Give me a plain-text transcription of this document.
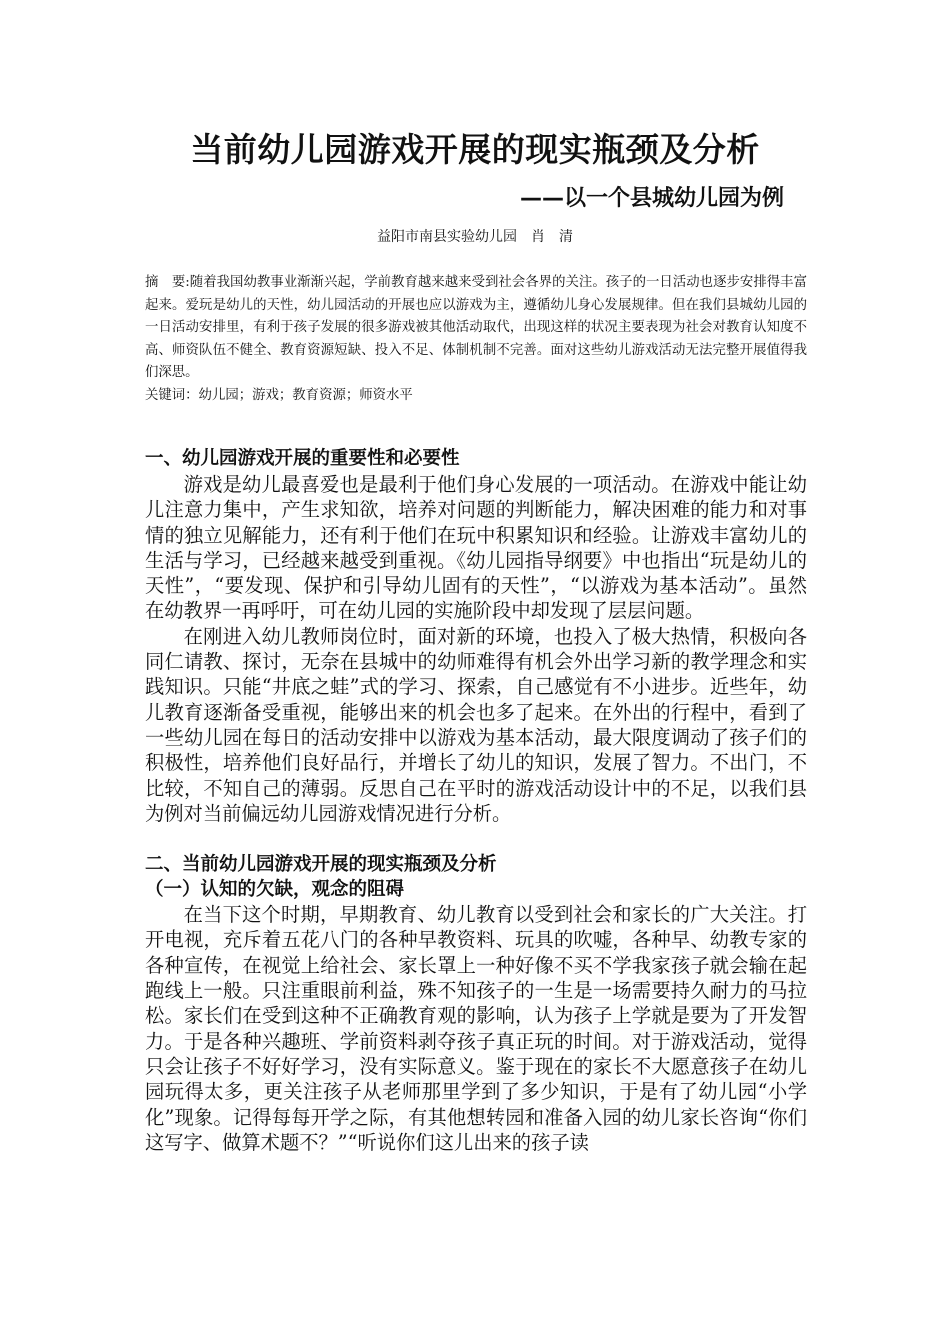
当前幼儿园游戏开展的现实瓶颈及分析
——以一个县城幼儿园为例
益阳市南县实验幼儿园　肖　清

摘　要:随着我国幼教事业渐渐兴起，学前教育越来越来受到社会各界的关注。孩子的一日活动也逐步安排得丰富起来。爱玩是幼儿的天性，幼儿园活动的开展也应以游戏为主，遵循幼儿身心发展规律。但在我们县城幼儿园的一日活动安排里，有利于孩子发展的很多游戏被其他活动取代，出现这样的状况主要表现为社会对教育认知度不高、师资队伍不健全、教育资源短缺、投入不足、体制机制不完善。面对这些幼儿游戏活动无法完整开展值得我们深思。

关键词：幼儿园；游戏；教育资源；师资水平

一、幼儿园游戏开展的重要性和必要性

游戏是幼儿最喜爱也是最利于他们身心发展的一项活动。在游戏中能让幼儿注意力集中，产生求知欲，培养对问题的判断能力，解决困难的能力和对事情的独立见解能力，还有利于他们在玩中积累知识和经验。让游戏丰富幼儿的生活与学习，已经越来越受到重视。《幼儿园指导纲要》中也指出“玩是幼儿的天性”，“要发现、保护和引导幼儿固有的天性”，“以游戏为基本活动”。虽然在幼教界一再呼吁，可在幼儿园的实施阶段中却发现了层层问题。

在刚进入幼儿教师岗位时，面对新的环境，也投入了极大热情，积极向各同仁请教、探讨，无奈在县城中的幼师难得有机会外出学习新的教学理念和实践知识。只能“井底之蛙”式的学习、探索，自己感觉有不小进步。近些年，幼儿教育逐渐备受重视，能够出来的机会也多了起来。在外出的行程中，看到了一些幼儿园在每日的活动安排中以游戏为基本活动，最大限度调动了孩子们的积极性，培养他们良好品行，并增长了幼儿的知识，发展了智力。不出门，不比较，不知自己的薄弱。反思自己在平时的游戏活动设计中的不足，以我们县为例对当前偏远幼儿园游戏情况进行分析。

二、当前幼儿园游戏开展的现实瓶颈及分析
（一）认知的欠缺，观念的阻碍

在当下这个时期，早期教育、幼儿教育以受到社会和家长的广大关注。打开电视，充斥着五花八门的各种早教资料、玩具的吹嘘，各种早、幼教专家的各种宣传，在视觉上给社会、家长罩上一种好像不买不学我家孩子就会输在起跑线上一般。只注重眼前利益，殊不知孩子的一生是一场需要持久耐力的马拉松。家长们在受到这种不正确教育观的影响，认为孩子上学就是要为了开发智力。于是各种兴趣班、学前资料剥夺孩子真正玩的时间。对于游戏活动，觉得只会让孩子不好好学习，没有实际意义。鉴于现在的家长不大愿意孩子在幼儿园玩得太多，更关注孩子从老师那里学到了多少知识，于是有了幼儿园“小学化”现象。记得每每开学之际，有其他想转园和准备入园的幼儿家长咨询“你们这写字、做算术题不？”“听说你们这儿出来的孩子读
